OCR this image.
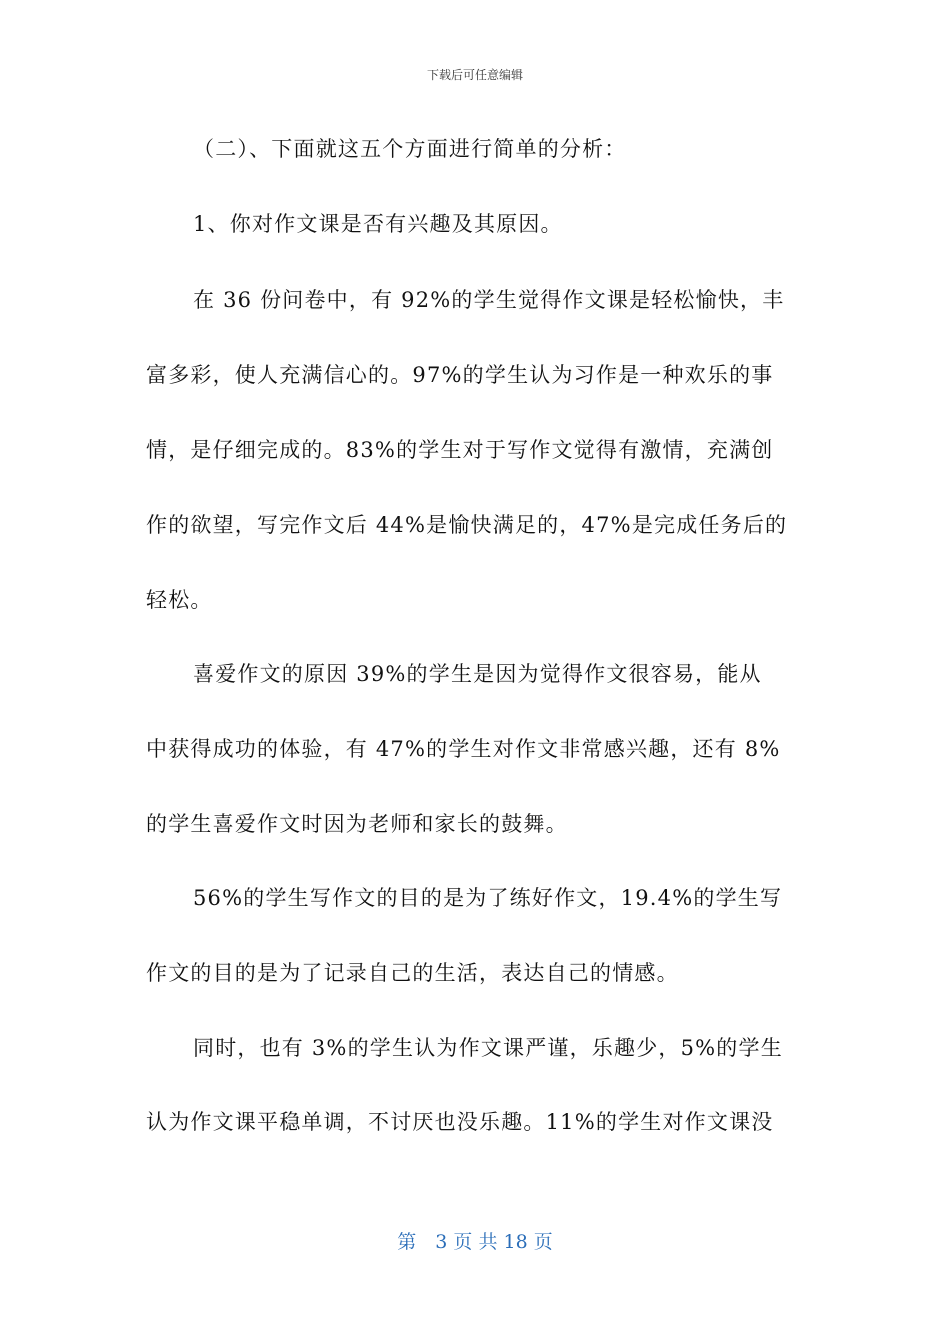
下载后可任意编辑
（二）、下面就这五个方面进行简单的分析：
1、你对作文课是否有兴趣及其原因。
在 36 份问卷中，有 92%的学生觉得作文课是轻松愉快，丰
富多彩，使人充满信心的。97%的学生认为习作是一种欢乐的事
情，是仔细完成的。83%的学生对于写作文觉得有激情，充满创
作的欲望，写完作文后 44%是愉快满足的，47%是完成任务后的
轻松。
喜爱作文的原因 39%的学生是因为觉得作文很容易，能从
中获得成功的体验，有 47%的学生对作文非常感兴趣，还有 8%
的学生喜爱作文时因为老师和家长的鼓舞。
56%的学生写作文的目的是为了练好作文，19.4%的学生写
作文的目的是为了记录自己的生活，表达自己的情感。
同时，也有 3%的学生认为作文课严谨，乐趣少，5%的学生
认为作文课平稳单调，不讨厌也没乐趣。11%的学生对作文课没
第　3 页 共 18 页
